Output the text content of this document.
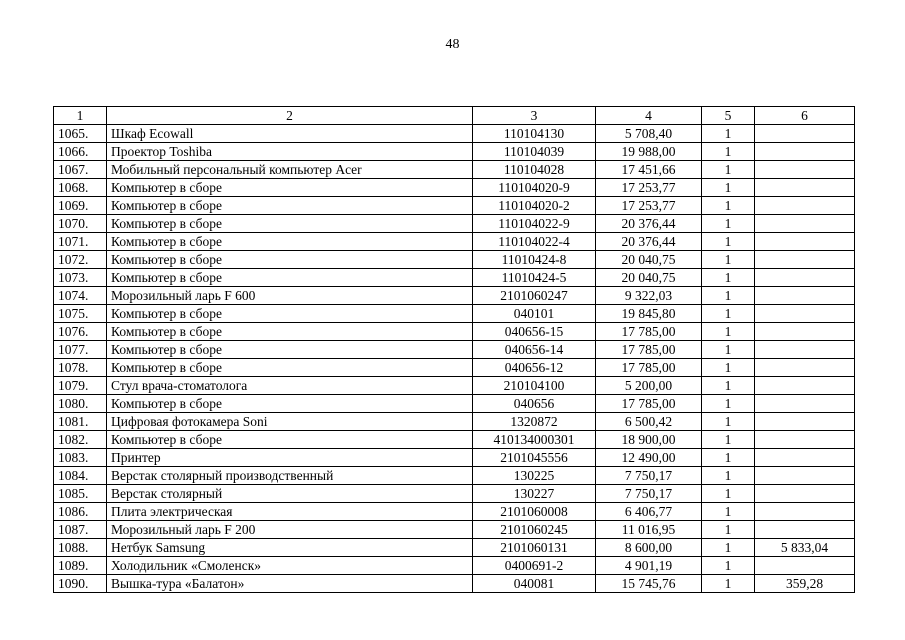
48
1	2	3	4	5	6
1065.	Шкаф Ecowall	110104130	5 708,40	1	
1066.	Проектор Toshiba	110104039	19 988,00	1	
1067.	Мобильный персональный компьютер Acer	110104028	17 451,66	1	
1068.	Компьютер в сборе	110104020-9	17 253,77	1	
1069.	Компьютер в сборе	110104020-2	17 253,77	1	
1070.	Компьютер в сборе	110104022-9	20 376,44	1	
1071.	Компьютер в сборе	110104022-4	20 376,44	1	
1072.	Компьютер в сборе	11010424-8	20 040,75	1	
1073.	Компьютер в сборе	11010424-5	20 040,75	1	
1074.	Морозильный ларь F 600	2101060247	9 322,03	1	
1075.	Компьютер в сборе	040101	19 845,80	1	
1076.	Компьютер в сборе	040656-15	17 785,00	1	
1077.	Компьютер в сборе	040656-14	17 785,00	1	
1078.	Компьютер в сборе	040656-12	17 785,00	1	
1079.	Стул врача-стоматолога	210104100	5 200,00	1	
1080.	Компьютер в сборе	040656	17 785,00	1	
1081.	Цифровая фотокамера Soni	1320872	6 500,42	1	
1082.	Компьютер в сборе	410134000301	18 900,00	1	
1083.	Принтер	2101045556	12 490,00	1	
1084.	Верстак столярный производственный	130225	7 750,17	1	
1085.	Верстак столярный	130227	7 750,17	1	
1086.	Плита электрическая	2101060008	6 406,77	1	
1087.	Морозильный ларь F 200	2101060245	11 016,95	1	
1088.	Нетбук Samsung	2101060131	8 600,00	1	5 833,04
1089.	Холодильник «Смоленск»	0400691-2	4 901,19	1	
1090.	Вышка-тура «Балатон»	040081	15 745,76	1	359,28
